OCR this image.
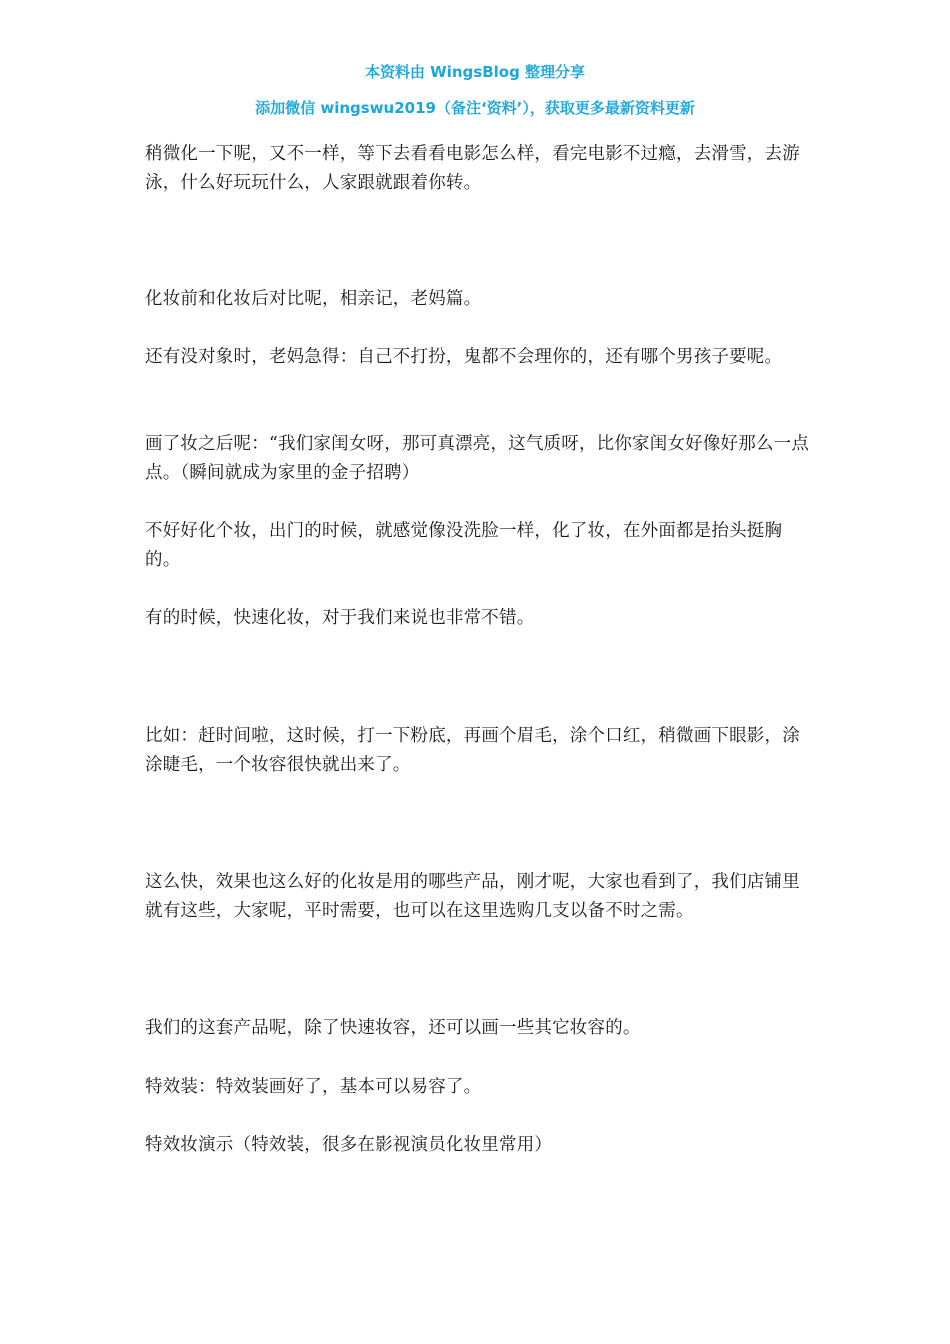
本资料由 WingsBlog 整理分享
添加微信 wingswu2019（备注‘资料’），获取更多最新资料更新

稍微化一下呢，又不一样，等下去看看电影怎么样，看完电影不过瘾，去滑雪，去游泳，什么好玩玩什么，人家跟就跟着你转。

化妆前和化妆后对比呢，相亲记，老妈篇。

还有没对象时，老妈急得：自己不打扮，鬼都不会理你的，还有哪个男孩子要呢。

画了妆之后呢：“我们家闺女呀，那可真漂亮，这气质呀，比你家闺女好像好那么一点点。（瞬间就成为家里的金子招聘）

不好好化个妆，出门的时候，就感觉像没洗脸一样，化了妆，在外面都是抬头挺胸的。

有的时候，快速化妆，对于我们来说也非常不错。

比如：赶时间啦，这时候，打一下粉底，再画个眉毛，涂个口红，稍微画下眼影，涂涂睫毛，一个妆容很快就出来了。

这么快，效果也这么好的化妆是用的哪些产品，刚才呢，大家也看到了，我们店铺里就有这些，大家呢，平时需要，也可以在这里选购几支以备不时之需。

我们的这套产品呢，除了快速妆容，还可以画一些其它妆容的。

特效装：特效装画好了，基本可以易容了。

特效妆演示（特效装，很多在影视演员化妆里常用）
